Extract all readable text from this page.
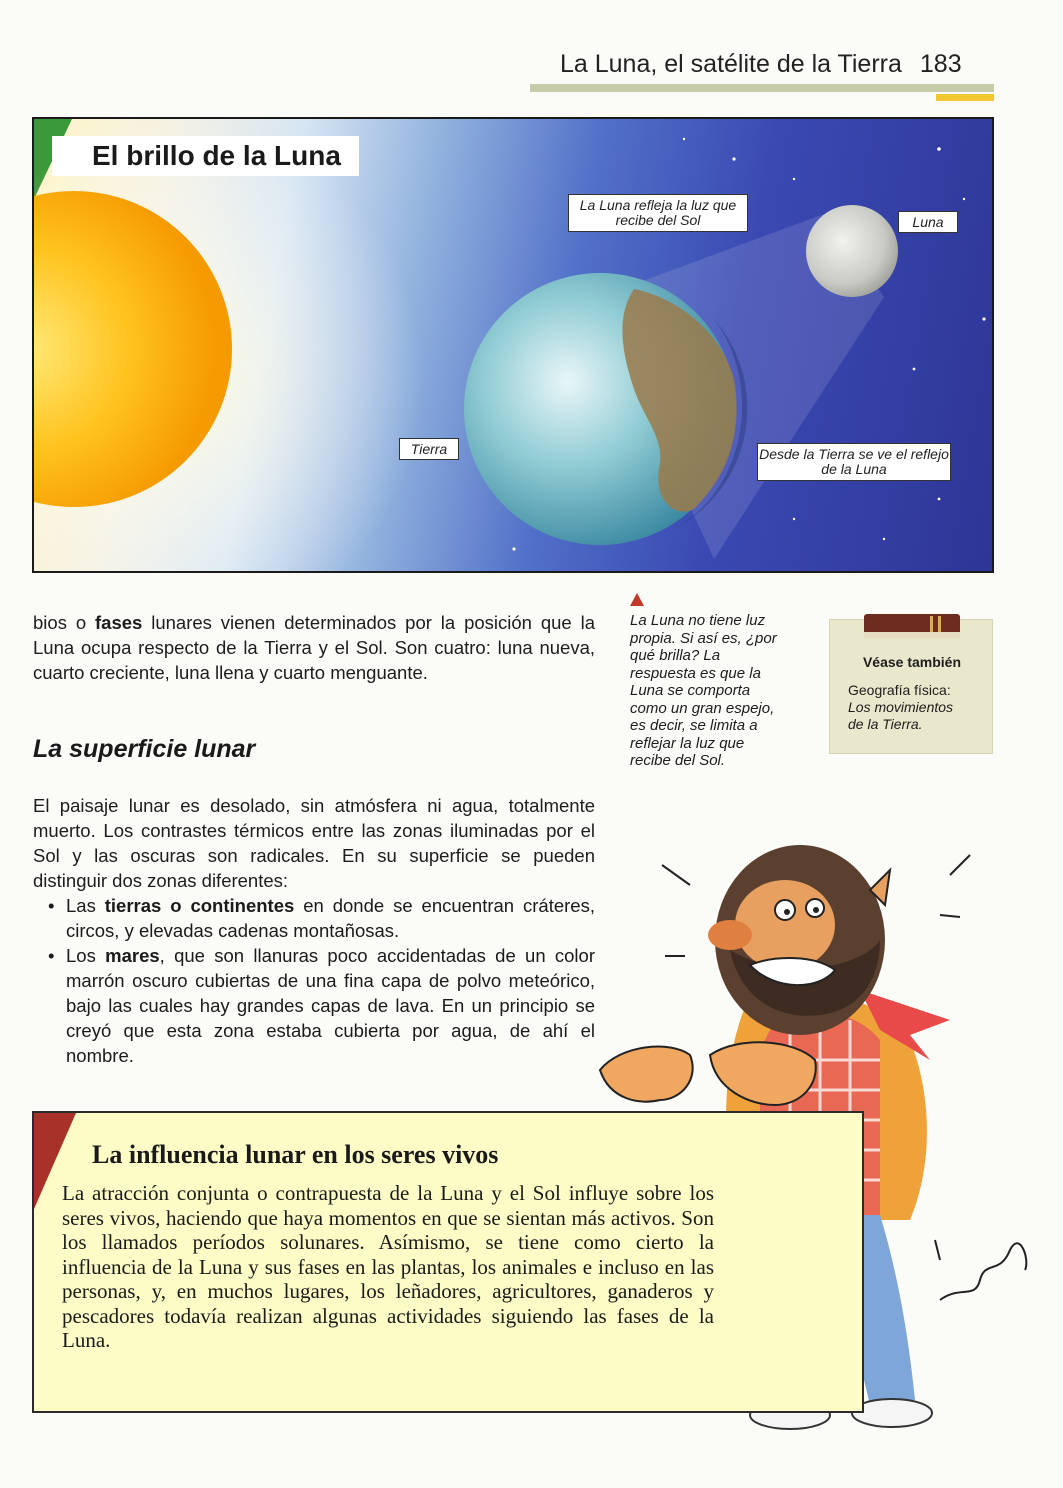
La Luna, el satélite de la Tierra 183
El brillo de la Luna
La Luna refleja la luz que recibe del Sol	Luna
Tierra	Desde la Tierra se ve el reflejo de la Luna
bios o fases lunares vienen determinados por la posición que la Luna ocupa respecto de la Tierra y el Sol. Son cuatro: luna nueva, cuarto creciente, luna llena y cuarto menguante.
La superficie lunar
El paisaje lunar es desolado, sin atmósfera ni agua, totalmente muerto. Los contrastes térmicos entre las zonas iluminadas por el Sol y las oscuras son radicales. En su superficie se pueden distinguir dos zonas diferentes:
• Las tierras o continentes en donde se encuentran cráteres, circos, y elevadas cadenas montañosas.
• Los mares, que son llanuras poco accidentadas de un color marrón oscuro cubiertas de una fina capa de polvo meteórico, bajo las cuales hay grandes capas de lava. En un principio se creyó que esta zona estaba cubierta por agua, de ahí el nombre.
La Luna no tiene luz propia. Si así es, ¿por qué brilla? La respuesta es que la Luna se comporta como un gran espejo, es decir, se limita a reflejar la luz que recibe del Sol.
Véase también
Geografía física:
Los movimientos
de la Tierra.
La influencia lunar en los seres vivos
La atracción conjunta o contrapuesta de la Luna y el Sol influye sobre los seres vivos, haciendo que haya momentos en que se sientan más activos. Son los llamados períodos solunares. Asímismo, se tiene como cierto la influencia de la Luna y sus fases en las plantas, los animales e incluso en las personas, y, en muchos lugares, los leñadores, agricultores, ganaderos y pescadores todavía realizan algunas actividades siguiendo las fases de la Luna.
